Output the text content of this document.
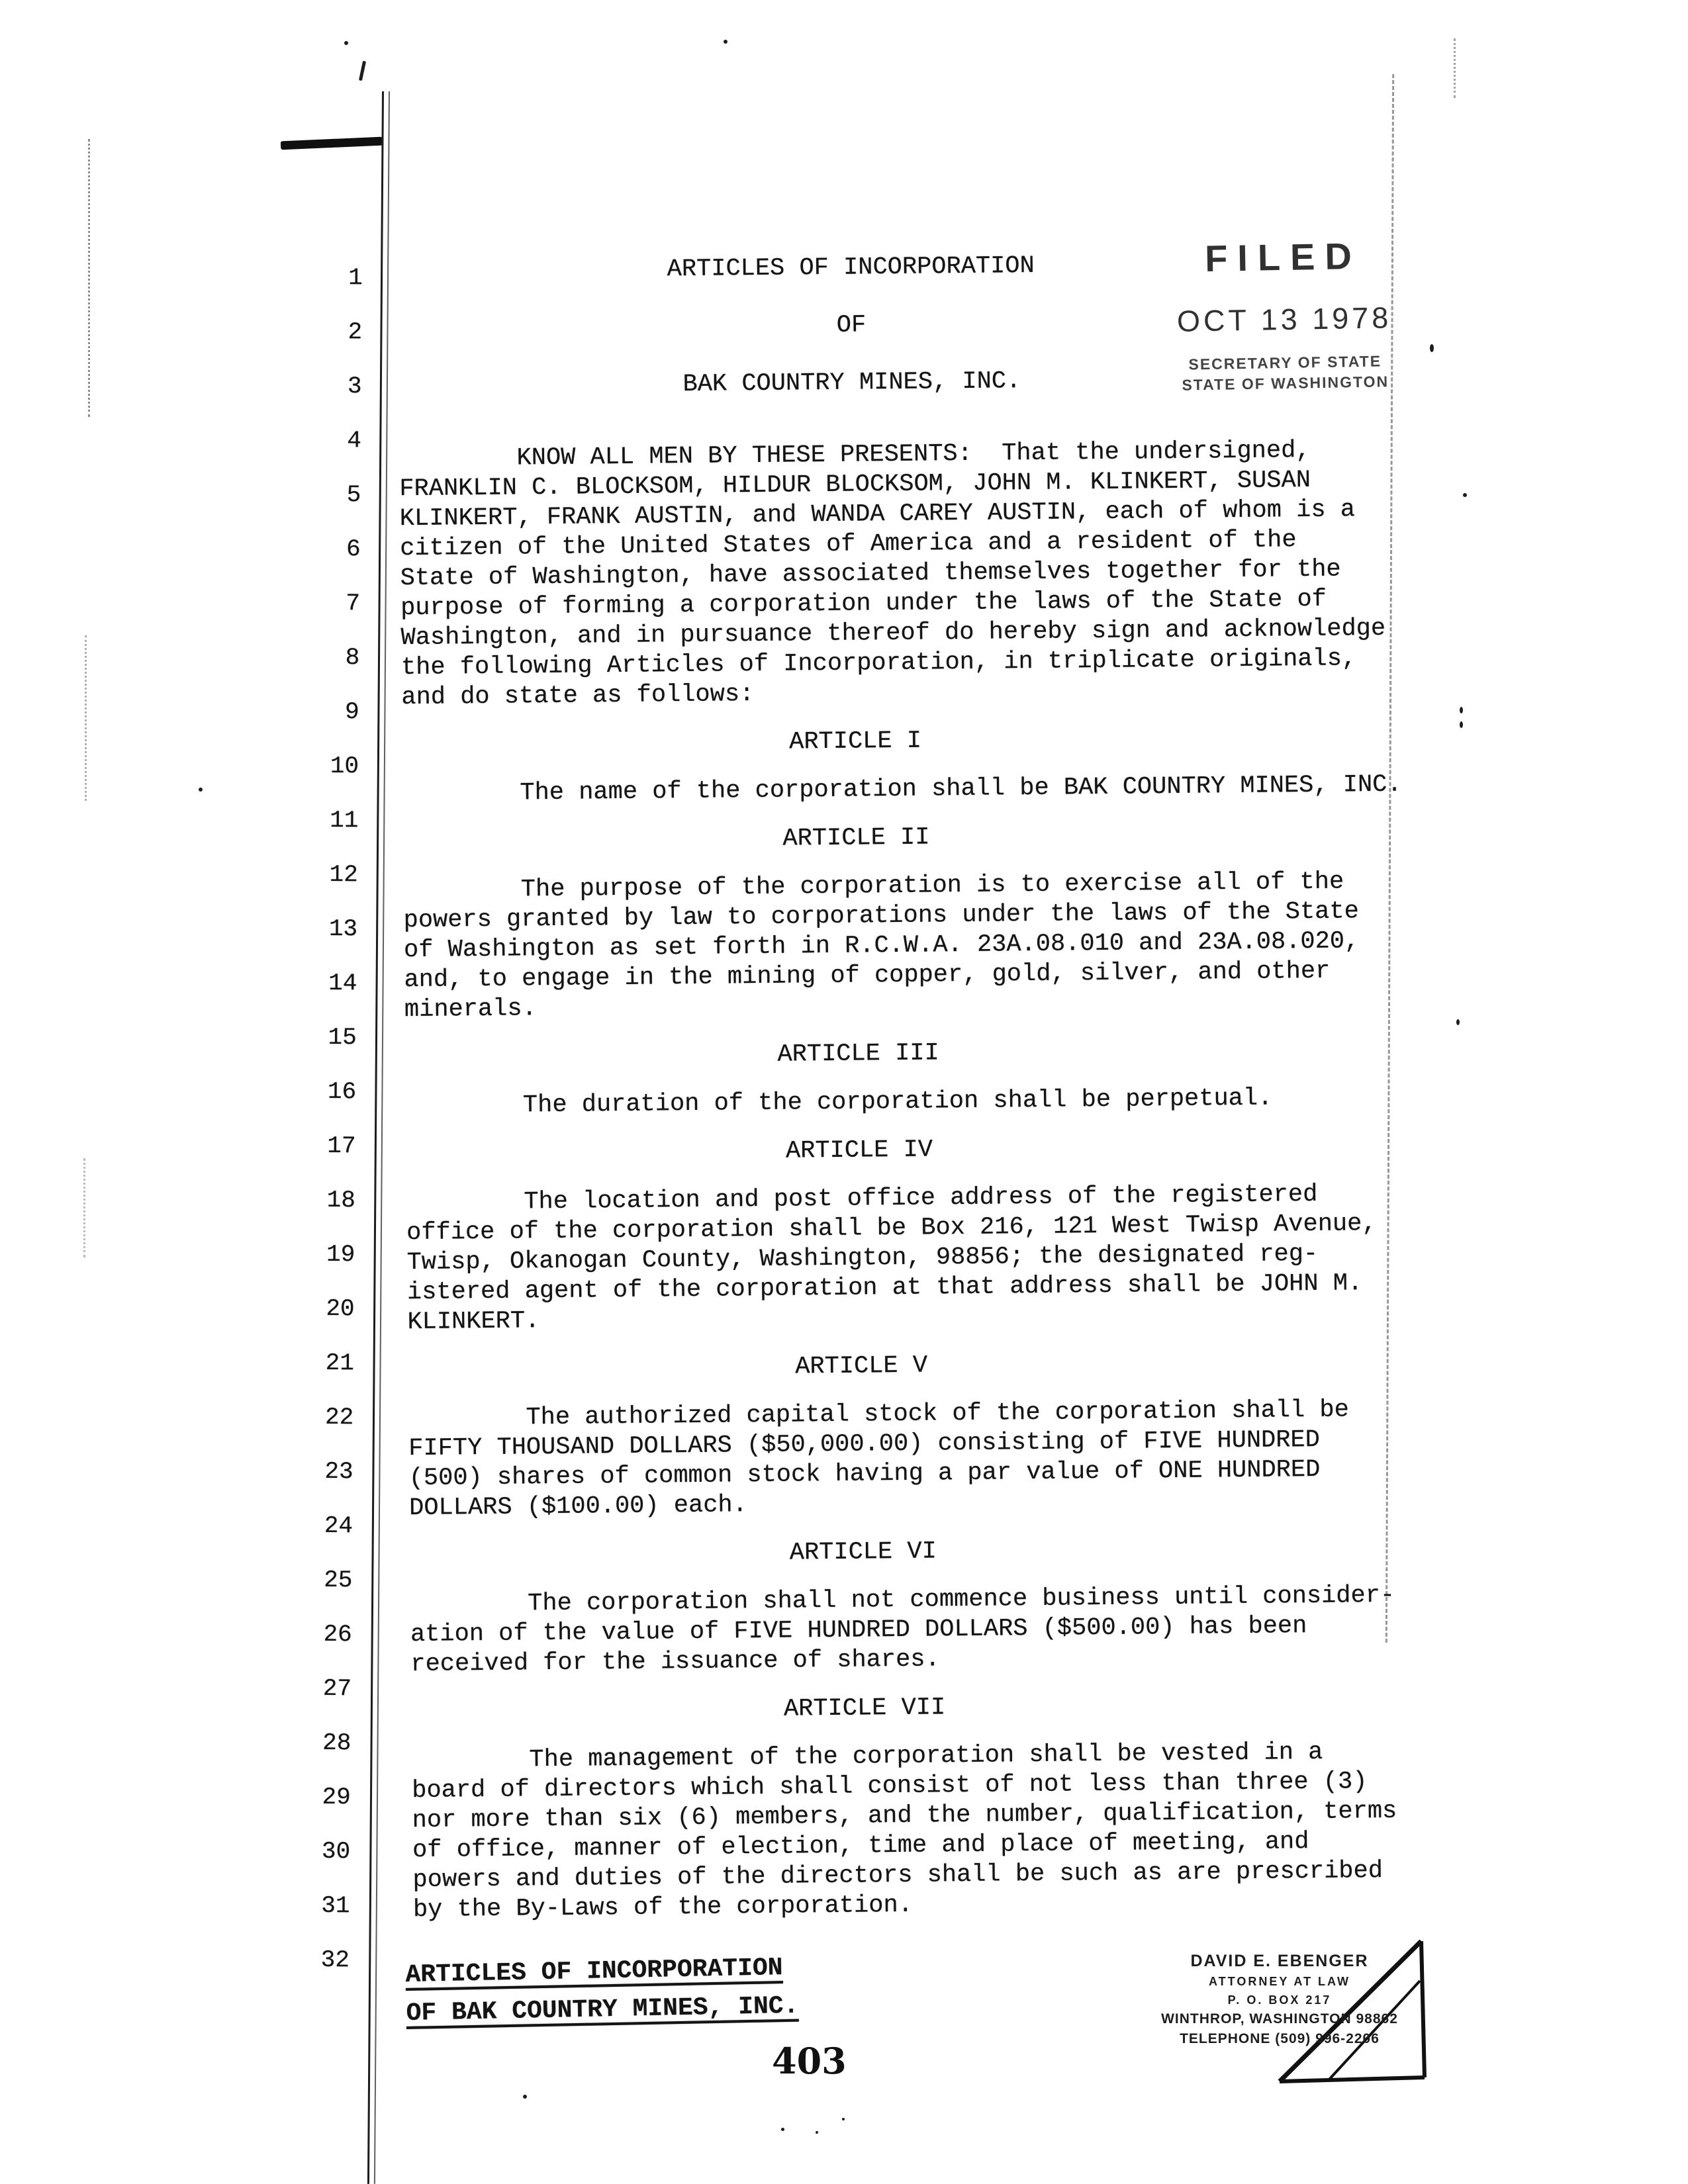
FILED
OCT 13 1978
SECRETARY OF STATE
STATE OF WASHINGTON
1
2
3
4
5
6
7
8
9
10
11
12
13
14
15
16
17
18
19
20
21
22
23
24
25
26
27
28
29
30
31
32
ARTICLES OF INCORPORATION
OF
BAK COUNTRY MINES, INC.

KNOW ALL MEN BY THESE PRESENTS:  That the undersigned,
FRANKLIN C. BLOCKSOM, HILDUR BLOCKSOM, JOHN M. KLINKERT, SUSAN
KLINKERT, FRANK AUSTIN, and WANDA CAREY AUSTIN, each of whom is a
citizen of the United States of America and a resident of the
State of Washington, have associated themselves together for the
purpose of forming a corporation under the laws of the State of
Washington, and in pursuance thereof do hereby sign and acknowledge
the following Articles of Incorporation, in triplicate originals,
and do state as follows:

ARTICLE I

The name of the corporation shall be BAK COUNTRY MINES, INC.

ARTICLE II

The purpose of the corporation is to exercise all of the
powers granted by law to corporations under the laws of the State
of Washington as set forth in R.C.W.A. 23A.08.010 and 23A.08.020,
and, to engage in the mining of copper, gold, silver, and other
minerals.

ARTICLE III

The duration of the corporation shall be perpetual.

ARTICLE IV

The location and post office address of the registered
office of the corporation shall be Box 216, 121 West Twisp Avenue,
Twisp, Okanogan County, Washington, 98856; the designated reg-
istered agent of the corporation at that address shall be JOHN M.
KLINKERT.

ARTICLE V

The authorized capital stock of the corporation shall be
FIFTY THOUSAND DOLLARS ($50,000.00) consisting of FIVE HUNDRED
(500) shares of common stock having a par value of ONE HUNDRED
DOLLARS ($100.00) each.

ARTICLE VI

The corporation shall not commence business until consider-
ation of the value of FIVE HUNDRED DOLLARS ($500.00) has been
received for the issuance of shares.

ARTICLE VII

The management of the corporation shall be vested in a
board of directors which shall consist of not less than three (3)
nor more than six (6) members, and the number, qualification, terms
of office, manner of election, time and place of meeting, and
powers and duties of the directors shall be such as are prescribed
by the By-Laws of the corporation.

ARTICLES OF INCORPORATION
OF BAK COUNTRY MINES, INC.
DAVID E. EBENGER
ATTORNEY AT LAW
P. O. BOX 217
WINTHROP, WASHINGTON 98862
TELEPHONE (509) 996-2206
403
